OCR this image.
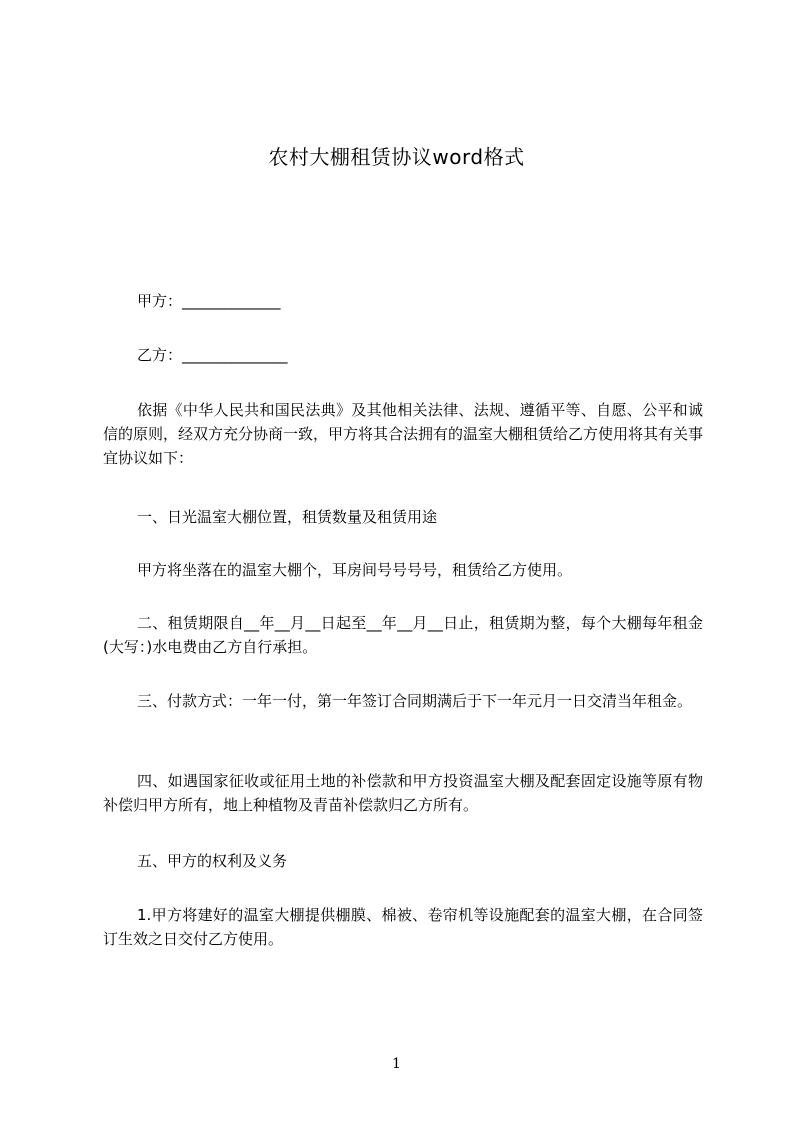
农村大棚租赁协议word格式
甲方：______________
乙方：_______________
依据《中华人民共和国民法典》及其他相关法律、法规、遵循平等、自愿、公平和诚信的原则，经双方充分协商一致，甲方将其合法拥有的温室大棚租赁给乙方使用将其有关事宜协议如下：
一、日光温室大棚位置，租赁数量及租赁用途
甲方将坐落在的温室大棚个，耳房间号号号号，租赁给乙方使用。
二、租赁期限自__年__月__日起至__年__月__日止，租赁期为整，每个大棚每年租金(大写：)水电费由乙方自行承担。
三、付款方式：一年一付，第一年签订合同期满后于下一年元月一日交清当年租金。
四、如遇国家征收或征用土地的补偿款和甲方投资温室大棚及配套固定设施等原有物补偿归甲方所有，地上种植物及青苗补偿款归乙方所有。
五、甲方的权利及义务
1.甲方将建好的温室大棚提供棚膜、棉被、卷帘机等设施配套的温室大棚，在合同签订生效之日交付乙方使用。
1
